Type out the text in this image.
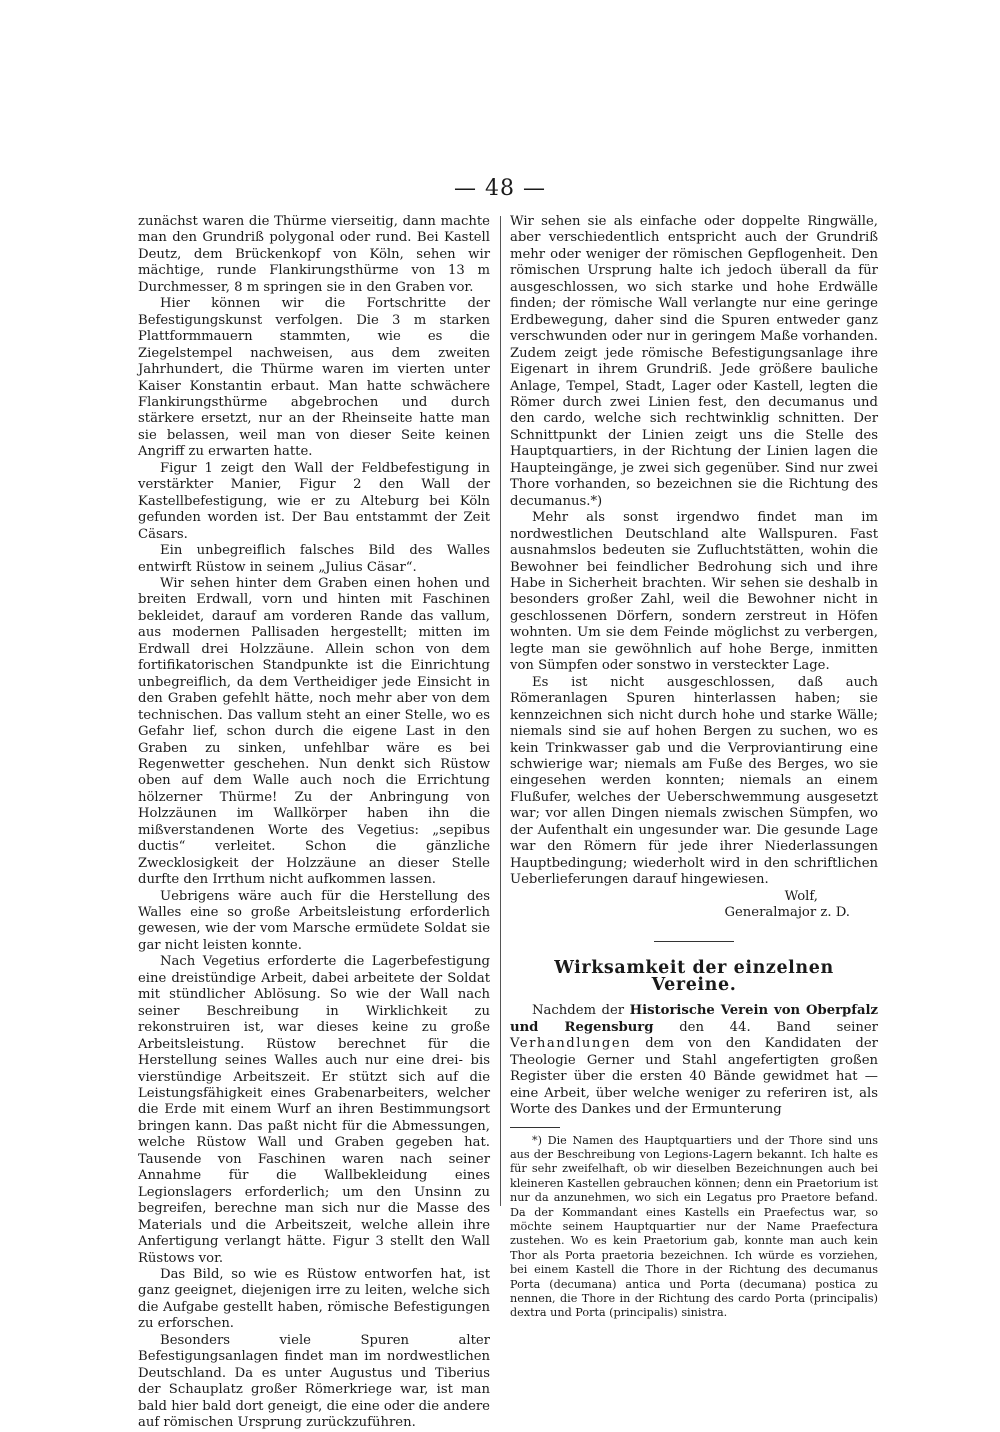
— 48 —

zunächst waren die Thürme vierseitig, dann machte man den Grundriß polygonal oder rund. Bei Kastell Deutz, dem Brückenkopf von Köln, sehen wir mächtige, runde Flankirungsthürme von 13 m Durchmesser, 8 m springen sie in den Graben vor.

Hier können wir die Fortschritte der Befestigungskunst verfolgen. Die 3 m starken Plattformmauern stammten, wie es die Ziegelstempel nachweisen, aus dem zweiten Jahrhundert, die Thürme waren im vierten unter Kaiser Konstantin erbaut. Man hatte schwächere Flankirungsthürme abgebrochen und durch stärkere ersetzt, nur an der Rheinseite hatte man sie belassen, weil man von dieser Seite keinen Angriff zu erwarten hatte.

Figur 1 zeigt den Wall der Feldbefestigung in verstärkter Manier, Figur 2 den Wall der Kastellbefestigung, wie er zu Alteburg bei Köln gefunden worden ist. Der Bau entstammt der Zeit Cäsars.

Ein unbegreiflich falsches Bild des Walles entwirft Rüstow in seinem „Julius Cäsar“.

Wir sehen hinter dem Graben einen hohen und breiten Erdwall, vorn und hinten mit Faschinen bekleidet, darauf am vorderen Rande das vallum, aus modernen Pallisaden hergestellt; mitten im Erdwall drei Holzzäune. Allein schon von dem fortifikatorischen Standpunkte ist die Einrichtung unbegreiflich, da dem Vertheidiger jede Einsicht in den Graben gefehlt hätte, noch mehr aber von dem technischen. Das vallum steht an einer Stelle, wo es Gefahr lief, schon durch die eigene Last in den Graben zu sinken, unfehlbar wäre es bei Regenwetter geschehen. Nun denkt sich Rüstow oben auf dem Walle auch noch die Errichtung hölzerner Thürme! Zu der Anbringung von Holzzäunen im Wallkörper haben ihn die mißverstandenen Worte des Vegetius: „sepibus ductis“ verleitet. Schon die gänzliche Zwecklosigkeit der Holzzäune an dieser Stelle durfte den Irrthum nicht aufkommen lassen.

Uebrigens wäre auch für die Herstellung des Walles eine so große Arbeitsleistung erforderlich gewesen, wie der vom Marsche ermüdete Soldat sie gar nicht leisten konnte.

Nach Vegetius erforderte die Lagerbefestigung eine dreistündige Arbeit, dabei arbeitete der Soldat mit stündlicher Ablösung. So wie der Wall nach seiner Beschreibung in Wirklichkeit zu rekonstruiren ist, war dieses keine zu große Arbeitsleistung. Rüstow berechnet für die Herstellung seines Walles auch nur eine drei- bis vierstündige Arbeitszeit. Er stützt sich auf die Leistungsfähigkeit eines Grabenarbeiters, welcher die Erde mit einem Wurf an ihren Bestimmungsort bringen kann. Das paßt nicht für die Abmessungen, welche Rüstow Wall und Graben gegeben hat. Tausende von Faschinen waren nach seiner Annahme für die Wallbekleidung eines Legionslagers erforderlich; um den Unsinn zu begreifen, berechne man sich nur die Masse des Materials und die Arbeitszeit, welche allein ihre Anfertigung verlangt hätte. Figur 3 stellt den Wall Rüstows vor.

Das Bild, so wie es Rüstow entworfen hat, ist ganz geeignet, diejenigen irre zu leiten, welche sich die Aufgabe gestellt haben, römische Befestigungen zu erforschen.

Besonders viele Spuren alter Befestigungsanlagen findet man im nordwestlichen Deutschland. Da es unter Augustus und Tiberius der Schauplatz großer Römerkriege war, ist man bald hier bald dort geneigt, die eine oder die andere auf römischen Ursprung zurückzuführen.

Wir sehen sie als einfache oder doppelte Ringwälle, aber verschiedentlich entspricht auch der Grundriß mehr oder weniger der römischen Gepflogenheit. Den römischen Ursprung halte ich jedoch überall da für ausgeschlossen, wo sich starke und hohe Erdwälle finden; der römische Wall verlangte nur eine geringe Erdbewegung, daher sind die Spuren entweder ganz verschwunden oder nur in geringem Maße vorhanden. Zudem zeigt jede römische Befestigungsanlage ihre Eigenart in ihrem Grundriß. Jede größere bauliche Anlage, Tempel, Stadt, Lager oder Kastell, legten die Römer durch zwei Linien fest, den decumanus und den cardo, welche sich rechtwinklig schnitten. Der Schnittpunkt der Linien zeigt uns die Stelle des Hauptquartiers, in der Richtung der Linien lagen die Haupteingänge, je zwei sich gegenüber. Sind nur zwei Thore vorhanden, so bezeichnen sie die Richtung des decumanus.*)

Mehr als sonst irgendwo findet man im nordwestlichen Deutschland alte Wallspuren. Fast ausnahmslos bedeuten sie Zufluchtstätten, wohin die Bewohner bei feindlicher Bedrohung sich und ihre Habe in Sicherheit brachten. Wir sehen sie deshalb in besonders großer Zahl, weil die Bewohner nicht in geschlossenen Dörfern, sondern zerstreut in Höfen wohnten. Um sie dem Feinde möglichst zu verbergen, legte man sie gewöhnlich auf hohe Berge, inmitten von Sümpfen oder sonstwo in versteckter Lage.

Es ist nicht ausgeschlossen, daß auch Römeranlagen Spuren hinterlassen haben; sie kennzeichnen sich nicht durch hohe und starke Wälle; niemals sind sie auf hohen Bergen zu suchen, wo es kein Trinkwasser gab und die Verproviantirung eine schwierige war; niemals am Fuße des Berges, wo sie eingesehen werden konnten; niemals an einem Flußufer, welches der Ueberschwemmung ausgesetzt war; vor allen Dingen niemals zwischen Sümpfen, wo der Aufenthalt ein ungesunder war. Die gesunde Lage war den Römern für jede ihrer Niederlassungen Hauptbedingung; wiederholt wird in den schriftlichen Ueberlieferungen darauf hingewiesen.

Wolf,

Generalmajor z. D.

Wirksamkeit der einzelnen Vereine.

Nachdem der Historische Verein von Oberpfalz und Regensburg den 44. Band seiner Verhandlungen dem von den Kandidaten der Theologie Gerner und Stahl angefertigten großen Register über die ersten 40 Bände gewidmet hat — eine Arbeit, über welche weniger zu referiren ist, als Worte des Dankes und der Ermunterung

*) Die Namen des Hauptquartiers und der Thore sind uns aus der Beschreibung von Legions-Lagern bekannt. Ich halte es für sehr zweifelhaft, ob wir dieselben Bezeichnungen auch bei kleineren Kastellen gebrauchen können; denn ein Praetorium ist nur da anzunehmen, wo sich ein Legatus pro Praetore befand. Da der Kommandant eines Kastells ein Praefectus war, so möchte seinem Hauptquartier nur der Name Praefectura zustehen. Wo es kein Praetorium gab, konnte man auch kein Thor als Porta praetoria bezeichnen. Ich würde es vorziehen, bei einem Kastell die Thore in der Richtung des decumanus Porta (decumana) antica und Porta (decumana) postica zu nennen, die Thore in der Richtung des cardo Porta (principalis) dextra und Porta (principalis) sinistra.
